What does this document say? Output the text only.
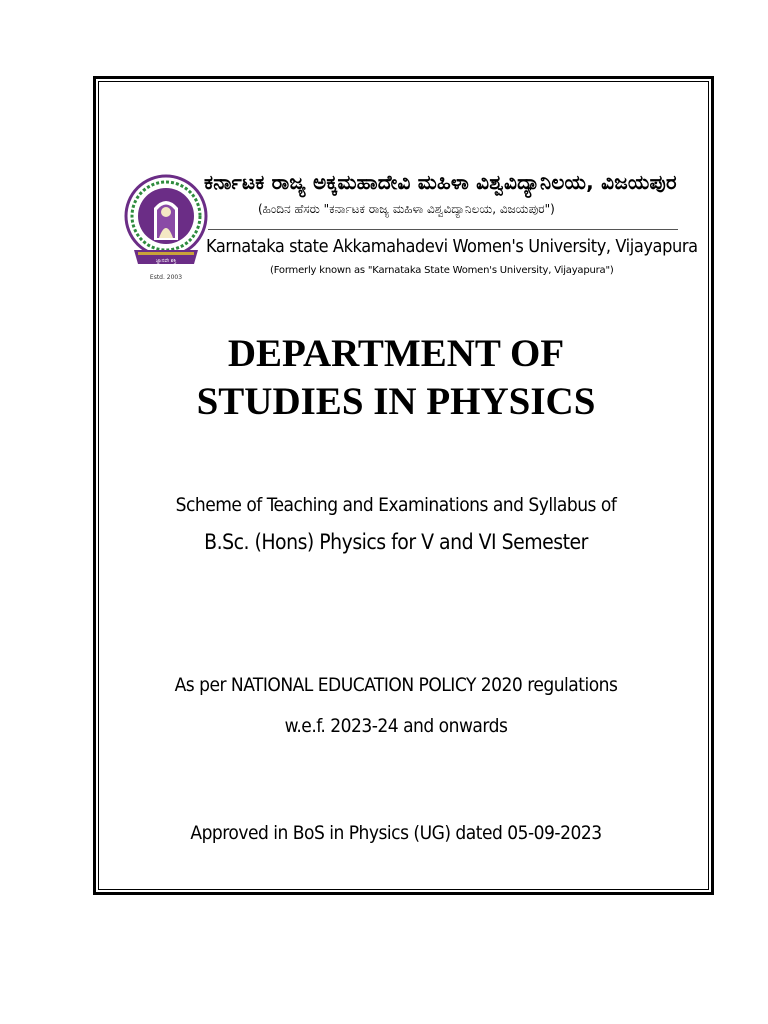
ಜ್ಞಾನವೇ ಶಕ್ತಿ
Estd. 2003
ಕರ್ನಾಟಕ ರಾಜ್ಯ ಅಕ್ಕಮಹಾದೇವಿ ಮಹಿಳಾ ವಿಶ್ವವಿದ್ಯಾನಿಲಯ, ವಿಜಯಪುರ
(ಹಿಂದಿನ ಹೆಸರು "ಕರ್ನಾಟಕ ರಾಜ್ಯ ಮಹಿಳಾ ವಿಶ್ವವಿದ್ಯಾನಿಲಯ, ವಿಜಯಪುರ")
Karnataka state Akkamahadevi Women's University, Vijayapura
(Formerly known as "Karnataka State Women's University, Vijayapura")
DEPARTMENT OF
STUDIES IN PHYSICS
Scheme of Teaching and Examinations and Syllabus of
B.Sc. (Hons) Physics for V and VI Semester
As per NATIONAL EDUCATION POLICY 2020 regulations
w.e.f. 2023-24 and onwards
Approved in BoS in Physics (UG) dated 05-09-2023
